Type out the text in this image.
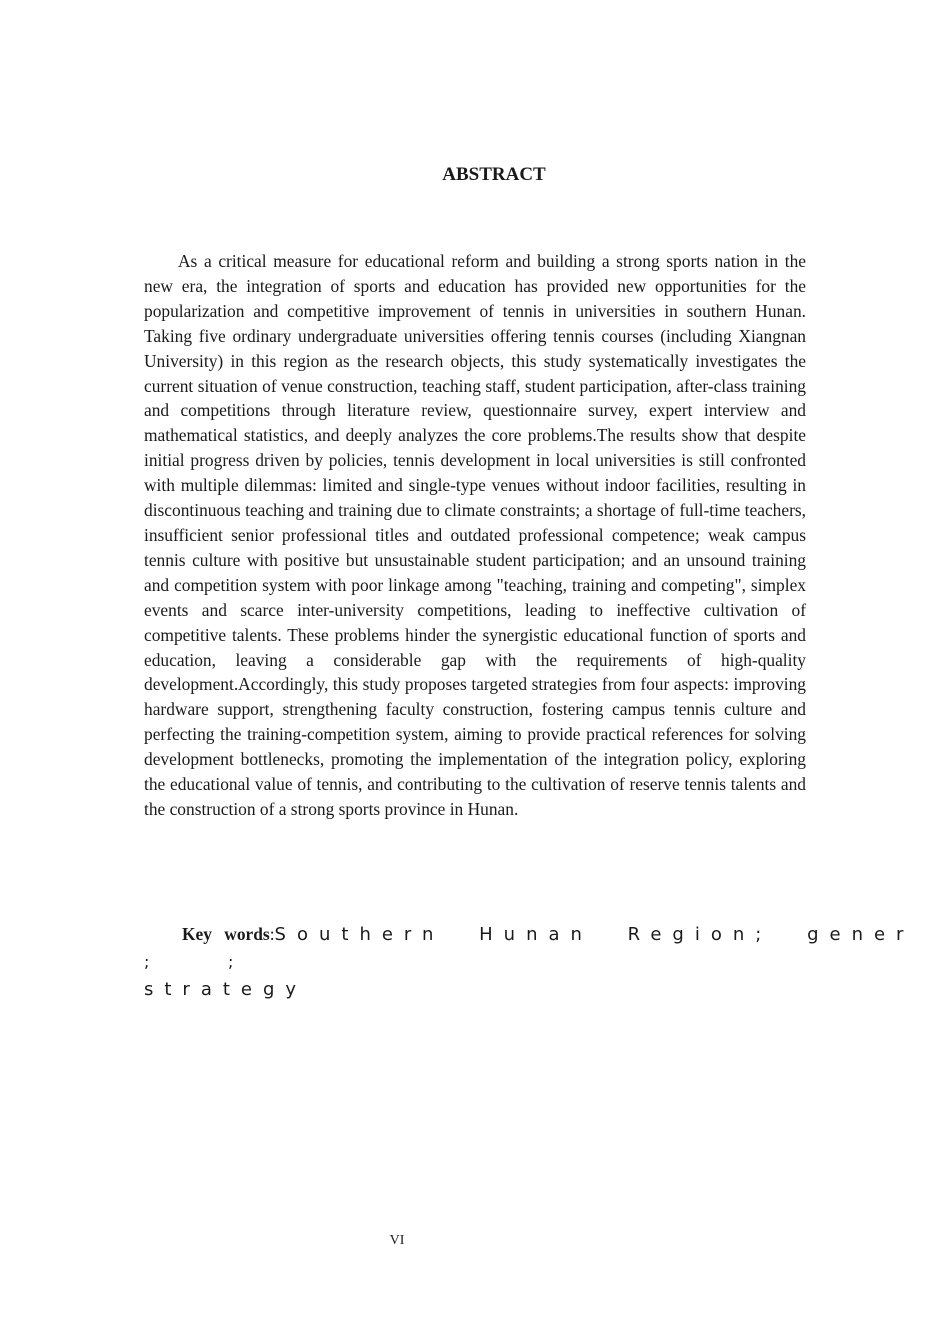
ABSTRACT

As a critical measure for educational reform and building a strong sports nation in the new era, the integration of sports and education has provided new opportunities for the popularization and competitive improvement of tennis in universities in southern Hunan. Taking five ordinary undergraduate universities offering tennis courses (including Xiangnan University) in this region as the research objects, this study systematically investigates the current situation of venue construction, teaching staff, student participation, after-class training and competitions through literature review, questionnaire survey, expert interview and mathematical statistics, and deeply analyzes the core problems.The results show that despite initial progress driven by policies, tennis development in local universities is still confronted with multiple dilemmas: limited and single-type venues without indoor facilities, resulting in discontinuous teaching and training due to climate constraints; a shortage of full-time teachers, insufficient senior professional titles and outdated professional competence; weak campus tennis culture with positive but unsustainable student participation; and an unsound training and competition system with poor linkage among "teaching, training and competing", simplex events and scarce inter-university competitions, leading to ineffective cultivation of competitive talents. These problems hinder the synergistic educational function of sports and education, leaving a considerable gap with the requirements of high-quality development.Accordingly, this study proposes targeted strategies from four aspects: improving hardware support, strengthening faculty construction, fostering campus tennis culture and perfecting the training-competition system, aiming to provide practical references for solving development bottlenecks, promoting the implementation of the integration policy, exploring the educational value of tennis, and contributing to the cultivation of reserve tennis talents and the construction of a strong sports province in Hunan.

Key words:Southern Hunan Region; gener
;	;
strategy
VI
